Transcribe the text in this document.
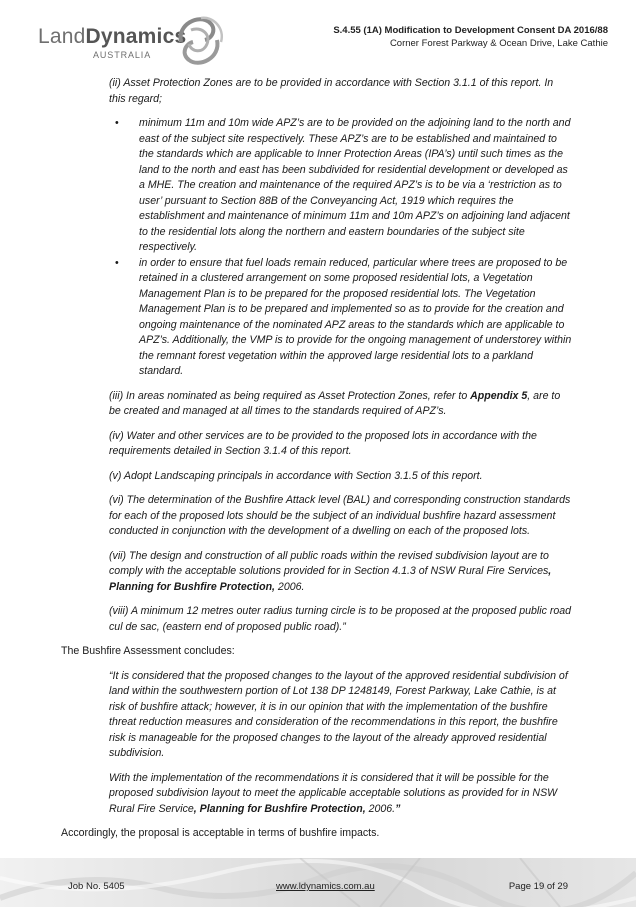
LandDynamics
AUSTRALIA
S.4.55 (1A) Modification to Development Consent DA 2016/88
Corner Forest Parkway & Ocean Drive, Lake Cathie

(ii) Asset Protection Zones are to be provided in accordance with Section 3.1.1 of this report. In this regard;

• minimum 11m and 10m wide APZ’s are to be provided on the adjoining land to the north and east of the subject site respectively. These APZ’s are to be established and maintained to the standards which are applicable to Inner Protection Areas (IPA’s) until such times as the land to the north and east has been subdivided for residential development or developed as a MHE. The creation and maintenance of the required APZ’s is to be via a ‘restriction as to user’ pursuant to Section 88B of the Conveyancing Act, 1919 which requires the establishment and maintenance of minimum 11m and 10m APZ’s on adjoining land adjacent to the residential lots along the northern and eastern boundaries of the subject site respectively.
• in order to ensure that fuel loads remain reduced, particular where trees are proposed to be retained in a clustered arrangement on some proposed residential lots, a Vegetation Management Plan is to be prepared for the proposed residential lots. The Vegetation Management Plan is to be prepared and implemented so as to provide for the creation and ongoing maintenance of the nominated APZ areas to the standards which are applicable to APZ’s. Additionally, the VMP is to provide for the ongoing management of understorey within the remnant forest vegetation within the approved large residential lots to a parkland standard.

(iii) In areas nominated as being required as Asset Protection Zones, refer to Appendix 5, are to be created and managed at all times to the standards required of APZ’s.

(iv) Water and other services are to be provided to the proposed lots in accordance with the requirements detailed in Section 3.1.4 of this report.

(v) Adopt Landscaping principals in accordance with Section 3.1.5 of this report.

(vi) The determination of the Bushfire Attack level (BAL) and corresponding construction standards for each of the proposed lots should be the subject of an individual bushfire hazard assessment conducted in conjunction with the development of a dwelling on each of the proposed lots.

(vii) The design and construction of all public roads within the revised subdivision layout are to comply with the acceptable solutions provided for in Section 4.1.3 of NSW Rural Fire Services, Planning for Bushfire Protection, 2006.

(viii) A minimum 12 metres outer radius turning circle is to be proposed at the proposed public road cul de sac, (eastern end of proposed public road).”

The Bushfire Assessment concludes:

“It is considered that the proposed changes to the layout of the approved residential subdivision of land within the southwestern portion of Lot 138 DP 1248149, Forest Parkway, Lake Cathie, is at risk of bushfire attack; however, it is in our opinion that with the implementation of the bushfire threat reduction measures and consideration of the recommendations in this report, the bushfire risk is manageable for the proposed changes to the layout of the already approved residential subdivision.

With the implementation of the recommendations it is considered that it will be possible for the proposed subdivision layout to meet the applicable acceptable solutions as provided for in NSW Rural Fire Service, Planning for Bushfire Protection, 2006.”

Accordingly, the proposal is acceptable in terms of bushfire impacts.

Job No. 5405	www.ldynamics.com.au	Page 19 of 29
